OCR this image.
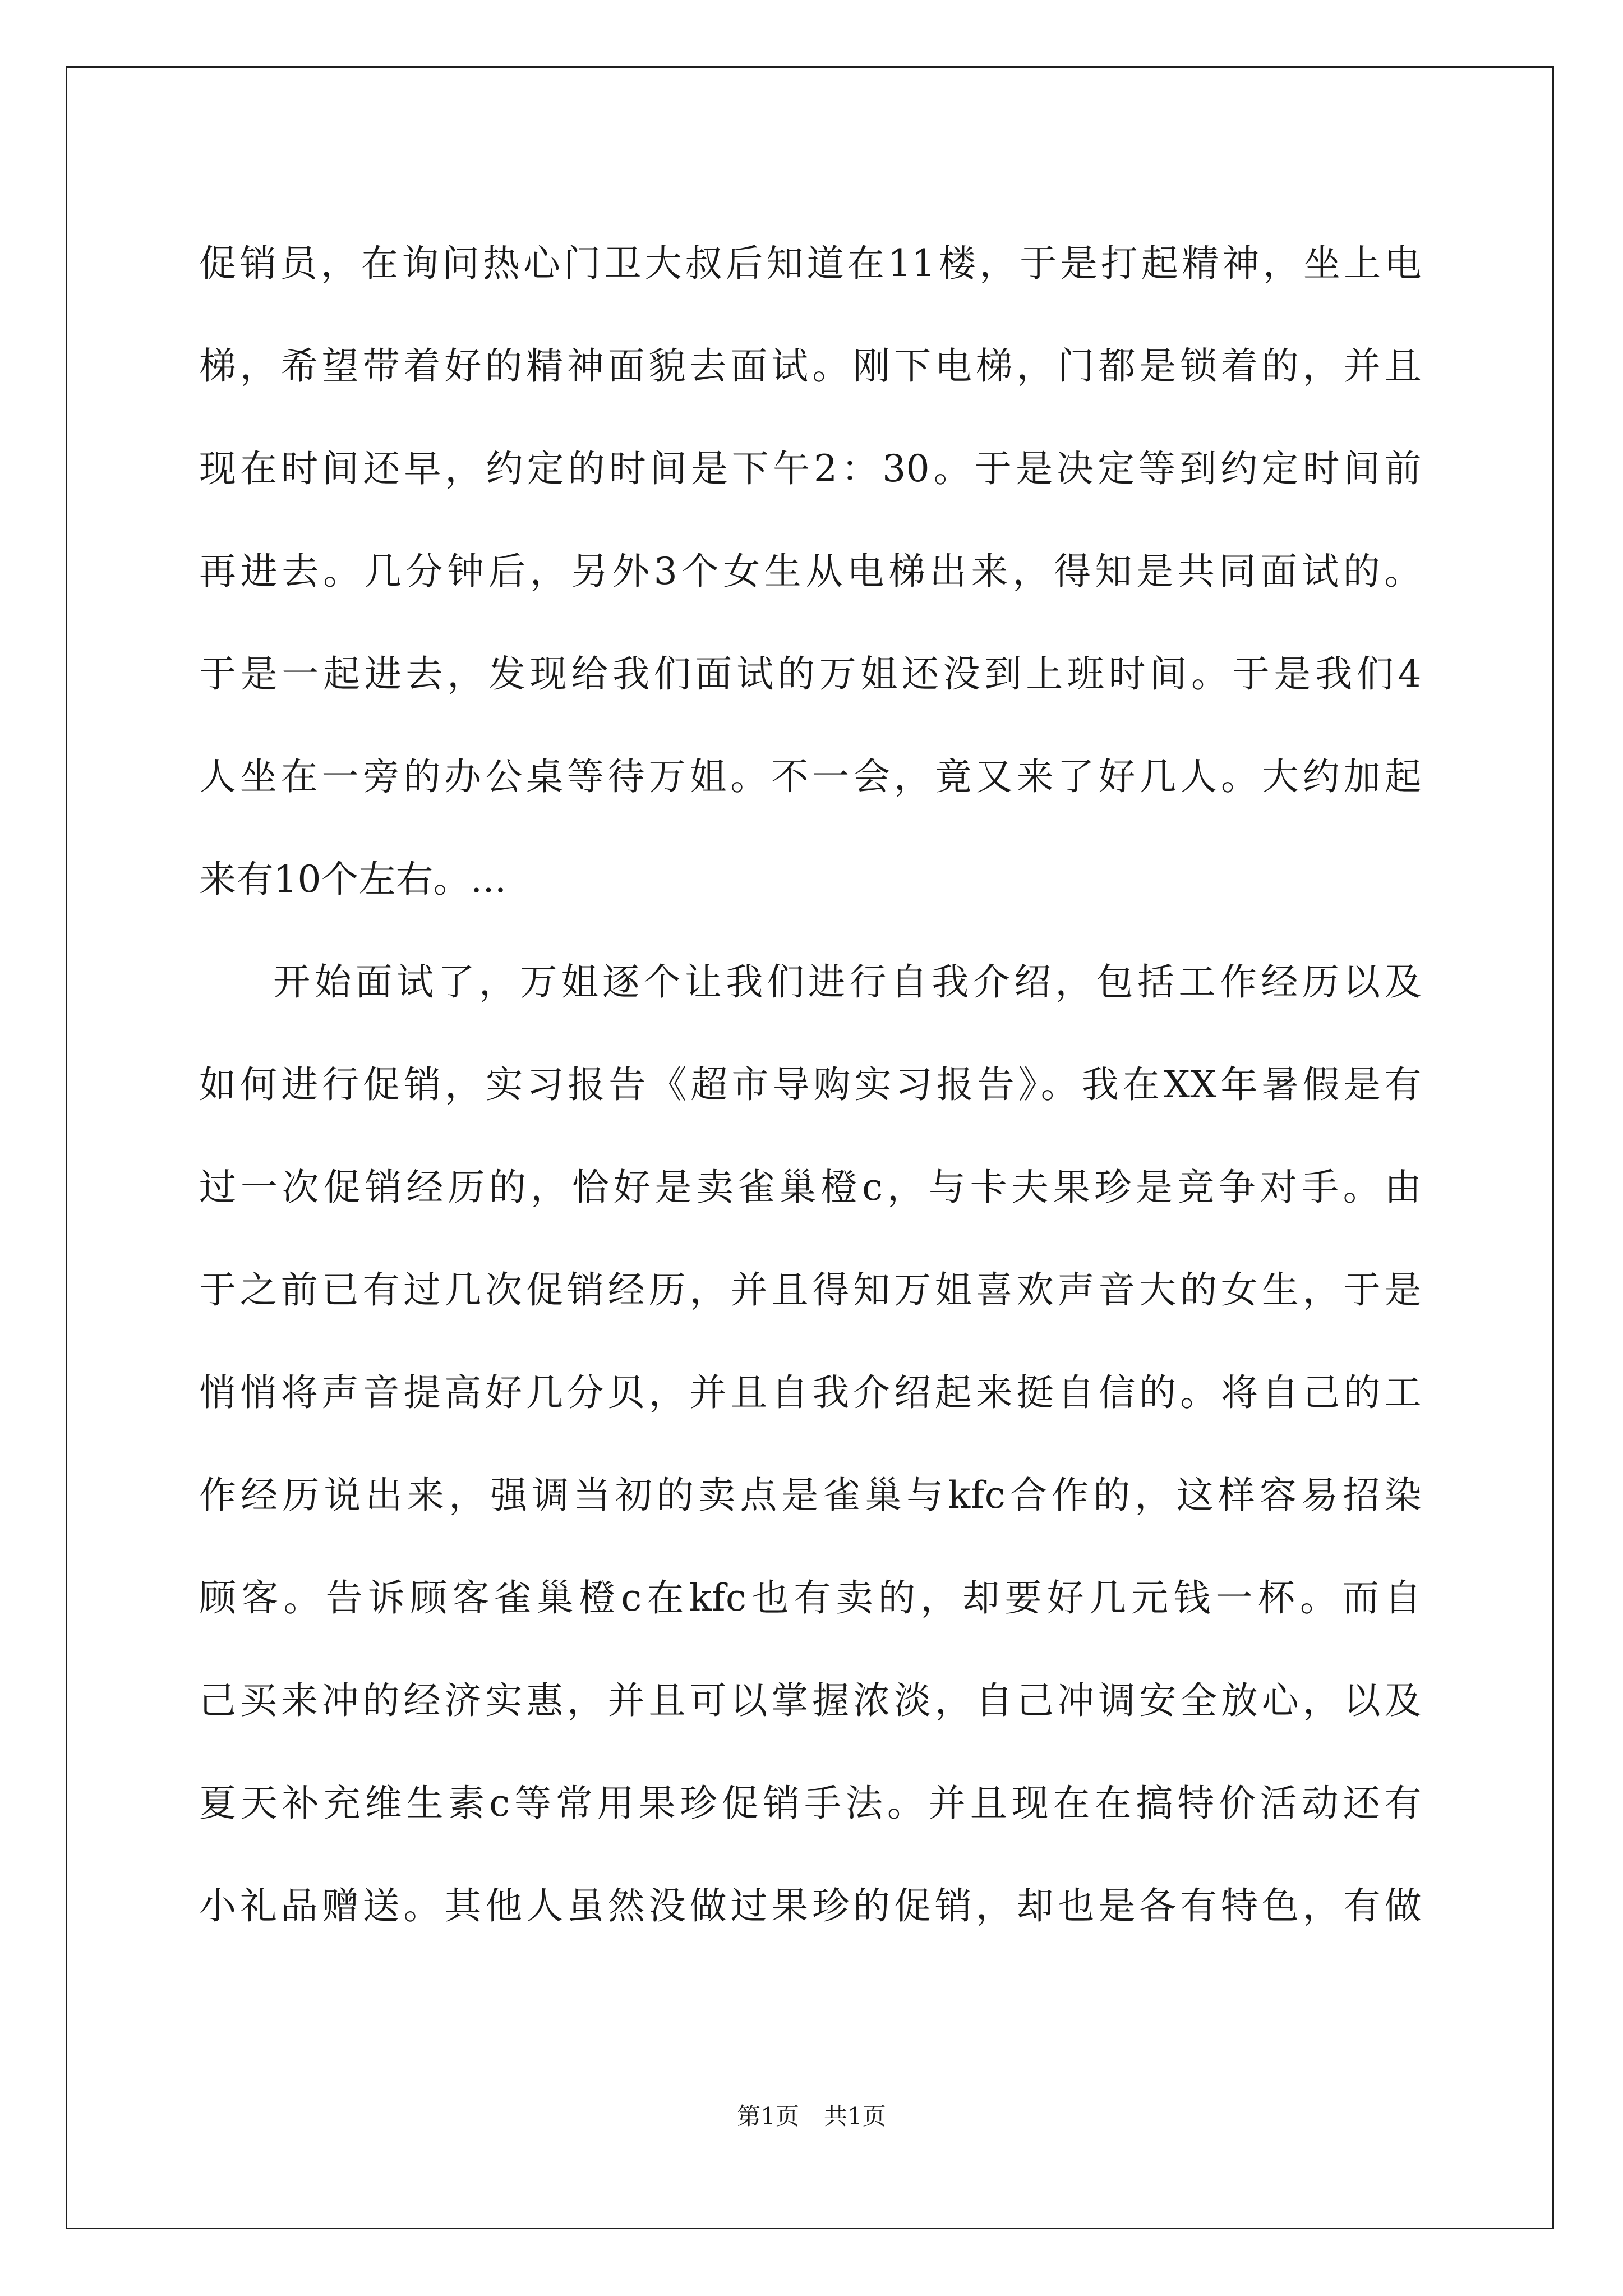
促销员，在询问热心门卫大叔后知道在11楼，于是打起精神，坐上电
梯，希望带着好的精神面貌去面试。刚下电梯，门都是锁着的，并且
现在时间还早，约定的时间是下午2：30。于是决定等到约定时间前
再进去。几分钟后，另外3个女生从电梯出来，得知是共同面试的。
于是一起进去，发现给我们面试的万姐还没到上班时间。于是我们4
人坐在一旁的办公桌等待万姐。不一会，竟又来了好几人。大约加起
来有10个左右。...
开始面试了，万姐逐个让我们进行自我介绍，包括工作经历以及
如何进行促销，实习报告《超市导购实习报告》。我在XX年暑假是有
过一次促销经历的，恰好是卖雀巢橙c，与卡夫果珍是竞争对手。由
于之前已有过几次促销经历，并且得知万姐喜欢声音大的女生，于是
悄悄将声音提高好几分贝，并且自我介绍起来挺自信的。将自己的工
作经历说出来，强调当初的卖点是雀巢与kfc合作的，这样容易招染
顾客。告诉顾客雀巢橙c在kfc也有卖的，却要好几元钱一杯。而自
己买来冲的经济实惠，并且可以掌握浓淡，自己冲调安全放心，以及
夏天补充维生素c等常用果珍促销手法。并且现在在搞特价活动还有
小礼品赠送。其他人虽然没做过果珍的促销，却也是各有特色，有做
第1页 共1页
